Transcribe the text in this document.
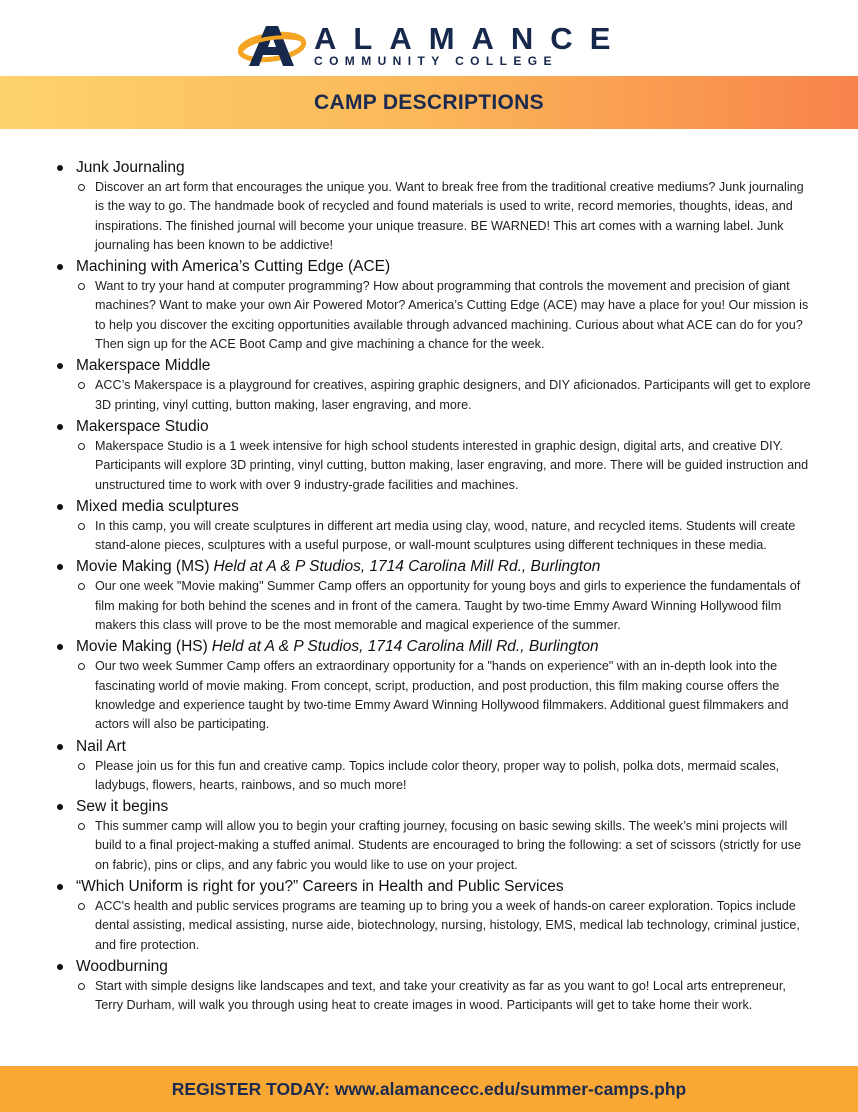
ALAMANCE
COMMUNITY COLLEGE
CAMP DESCRIPTIONS
Junk Journaling
Discover an art form that encourages the unique you. Want to break free from the traditional creative mediums? Junk journaling is the way to go. The handmade book of recycled and found materials is used to write, record memories, thoughts, ideas, and inspirations. The finished journal will become your unique treasure. BE WARNED! This art comes with a warning label. Junk journaling has been known to be addictive!
Machining with America’s Cutting Edge (ACE)
Want to try your hand at computer programming? How about programming that controls the movement and precision of giant machines? Want to make your own Air Powered Motor? America’s Cutting Edge (ACE) may have a place for you! Our mission is to help you discover the exciting opportunities available through advanced machining. Curious about what ACE can do for you? Then sign up for the ACE Boot Camp and give machining a chance for the week.
Makerspace Middle
ACC’s Makerspace is a playground for creatives, aspiring graphic designers, and DIY aficionados. Participants will get to explore 3D printing, vinyl cutting, button making, laser engraving, and more.
Makerspace Studio
Makerspace Studio is a 1 week intensive for high school students interested in graphic design, digital arts, and creative DIY. Participants will explore 3D printing, vinyl cutting, button making, laser engraving, and more. There will be guided instruction and unstructured time to work with over 9 industry-grade facilities and machines.
Mixed media sculptures
In this camp, you will create sculptures in different art media using clay, wood, nature, and recycled items. Students will create stand-alone pieces, sculptures with a useful purpose, or wall-mount sculptures using different techniques in these media.
Movie Making (MS) Held at A & P Studios, 1714 Carolina Mill Rd., Burlington
Our one week "Movie making" Summer Camp offers an opportunity for young boys and girls to experience the fundamentals of film making for both behind the scenes and in front of the camera. Taught by two-time Emmy Award Winning Hollywood film makers this class will prove to be the most memorable and magical experience of the summer.
Movie Making (HS) Held at A & P Studios, 1714 Carolina Mill Rd., Burlington
Our two week Summer Camp offers an extraordinary opportunity for a "hands on experience" with an in-depth look into the fascinating world of movie making. From concept, script, production, and post production, this film making course offers the knowledge and experience taught by two-time Emmy Award Winning Hollywood filmmakers. Additional guest filmmakers and actors will also be participating.
Nail Art
Please join us for this fun and creative camp. Topics include color theory, proper way to polish, polka dots, mermaid scales, ladybugs, flowers, hearts, rainbows, and so much more!
Sew it begins
This summer camp will allow you to begin your crafting journey, focusing on basic sewing skills. The week’s mini projects will build to a final project-making a stuffed animal. Students are encouraged to bring the following: a set of scissors (strictly for use on fabric), pins or clips, and any fabric you would like to use on your project.
“Which Uniform is right for you?” Careers in Health and Public Services
ACC's health and public services programs are teaming up to bring you a week of hands-on career exploration. Topics include dental assisting, medical assisting, nurse aide, biotechnology, nursing, histology, EMS, medical lab technology, criminal justice, and fire protection.
Woodburning
Start with simple designs like landscapes and text, and take your creativity as far as you want to go! Local arts entrepreneur, Terry Durham, will walk you through using heat to create images in wood. Participants will get to take home their work.
REGISTER TODAY: www.alamancecc.edu/summer-camps.php
